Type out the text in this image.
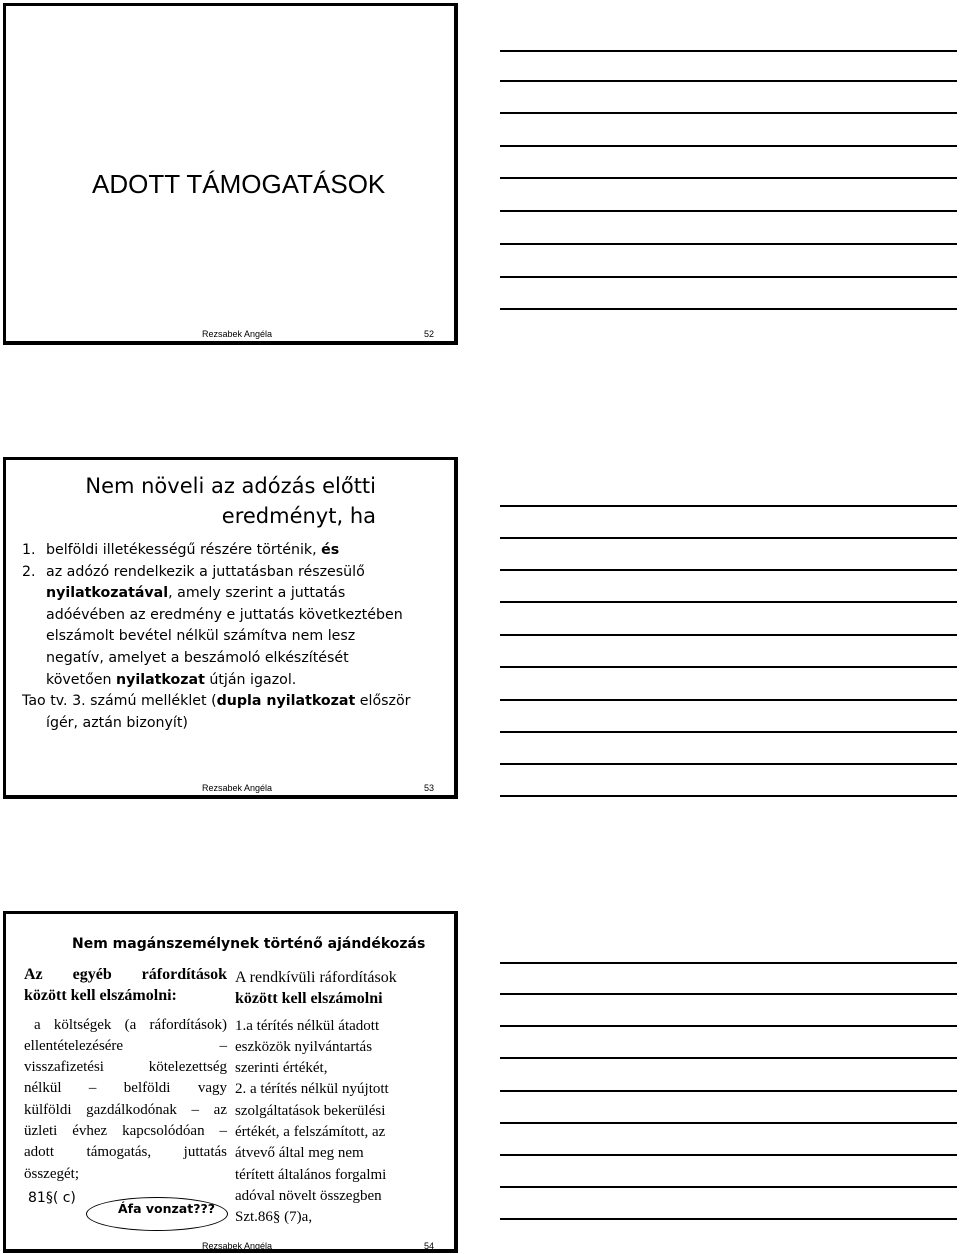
ADOTT TÁMOGATÁSOK
Rezsabek Angéla	52
Nem növeli az adózás előtti
eredményt, ha

1. belföldi illetékességű részére történik, és

2. az adózó rendelkezik a juttatásban részesülő

nyilatkozatával, amely szerint a juttatás

adóévében az eredmény e juttatás következtében

elszámolt bevétel nélkül számítva nem lesz

negatív, amelyet a beszámoló elkészítését

követően nyilatkozat útján igazol.

Tao tv. 3. számú melléklet (dupla nyilatkozat először

ígér, aztán bizonyít)

Rezsabek Angéla	53
Nem magánszemélynek történő ajándékozás
Az egyéb ráfordítások
között kell elszámolni:
a költségek (a ráfordítások)
ellentételezésére –
visszafizetési kötelezettség
nélkül – belföldi vagy
külföldi gazdálkodónak – az
üzleti évhez kapcsolódóan –
adott támogatás, juttatás
összegét;
81§( c)
Áfa vonzat???
A rendkívüli ráfordítások
között kell elszámolni
1.a térítés nélkül átadott
eszközök nyilvántartás
szerinti értékét,
2. a térítés nélkül nyújtott
szolgáltatások bekerülési
értékét, a felszámított, az
átvevő által meg nem
térített általános forgalmi
adóval növelt összegben
Szt.86§ (7)a,
Rezsabek Angéla	54
